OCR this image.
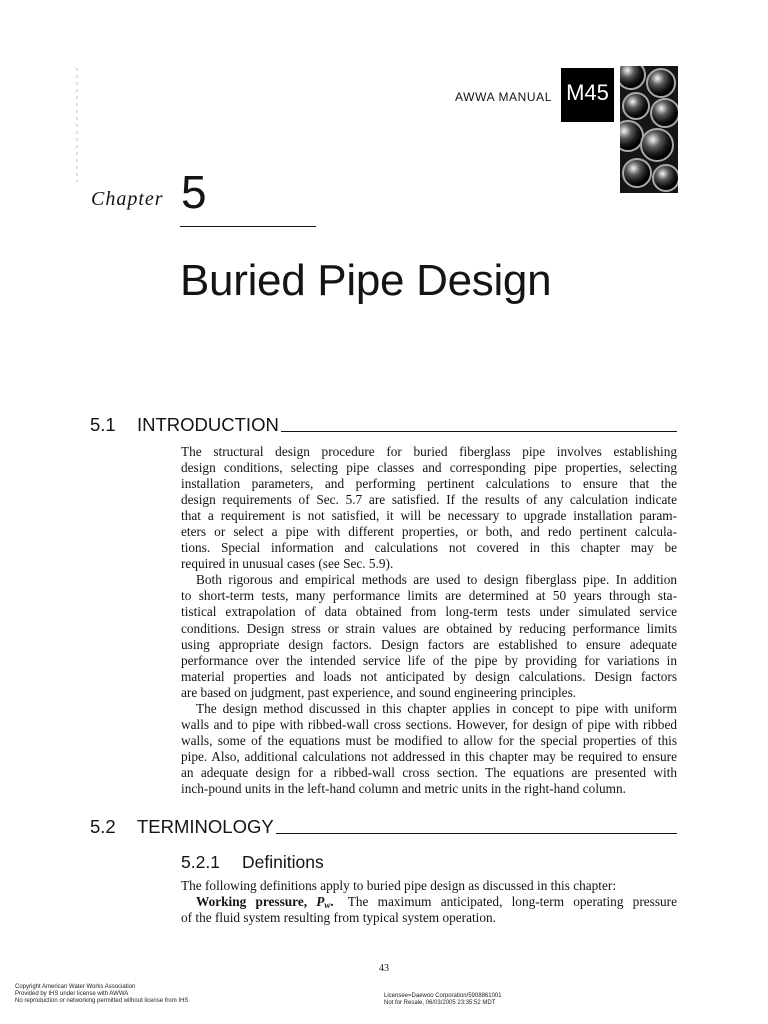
AWWA MANUAL M45
Chapter 5
Buried Pipe Design
5.1	INTRODUCTION
The structural design procedure for buried fiberglass pipe involves establishing
design conditions, selecting pipe classes and corresponding pipe properties, selecting
installation parameters, and performing pertinent calculations to ensure that the
design requirements of Sec. 5.7 are satisfied. If the results of any calculation indicate
that a requirement is not satisfied, it will be necessary to upgrade installation param-
eters or select a pipe with different properties, or both, and redo pertinent calcula-
tions. Special information and calculations not covered in this chapter may be
required in unusual cases (see Sec. 5.9).
Both rigorous and empirical methods are used to design fiberglass pipe. In addition
to short-term tests, many performance limits are determined at 50 years through sta-
tistical extrapolation of data obtained from long-term tests under simulated service
conditions. Design stress or strain values are obtained by reducing performance limits
using appropriate design factors. Design factors are established to ensure adequate
performance over the intended service life of the pipe by providing for variations in
material properties and loads not anticipated by design calculations. Design factors
are based on judgment, past experience, and sound engineering principles.
The design method discussed in this chapter applies in concept to pipe with uniform
walls and to pipe with ribbed-wall cross sections. However, for design of pipe with ribbed
walls, some of the equations must be modified to allow for the special properties of this
pipe. Also, additional calculations not addressed in this chapter may be required to ensure
an adequate design for a ribbed-wall cross section. The equations are presented with
inch-pound units in the left-hand column and metric units in the right-hand column.
5.2	TERMINOLOGY
5.2.1	Definitions
The following definitions apply to buried pipe design as discussed in this chapter:
Working pressure, $P_w$. The maximum anticipated, long-term operating pressure
of the fluid system resulting from typical system operation.
43
Copyright American Water Works Association
Provided by IHS under license with AWWA
No reproduction or networking permitted without license from IHS
Licensee=Daewoo Corporation/5908861001
Not for Resale, 06/03/2005 23:35:52 MDT
